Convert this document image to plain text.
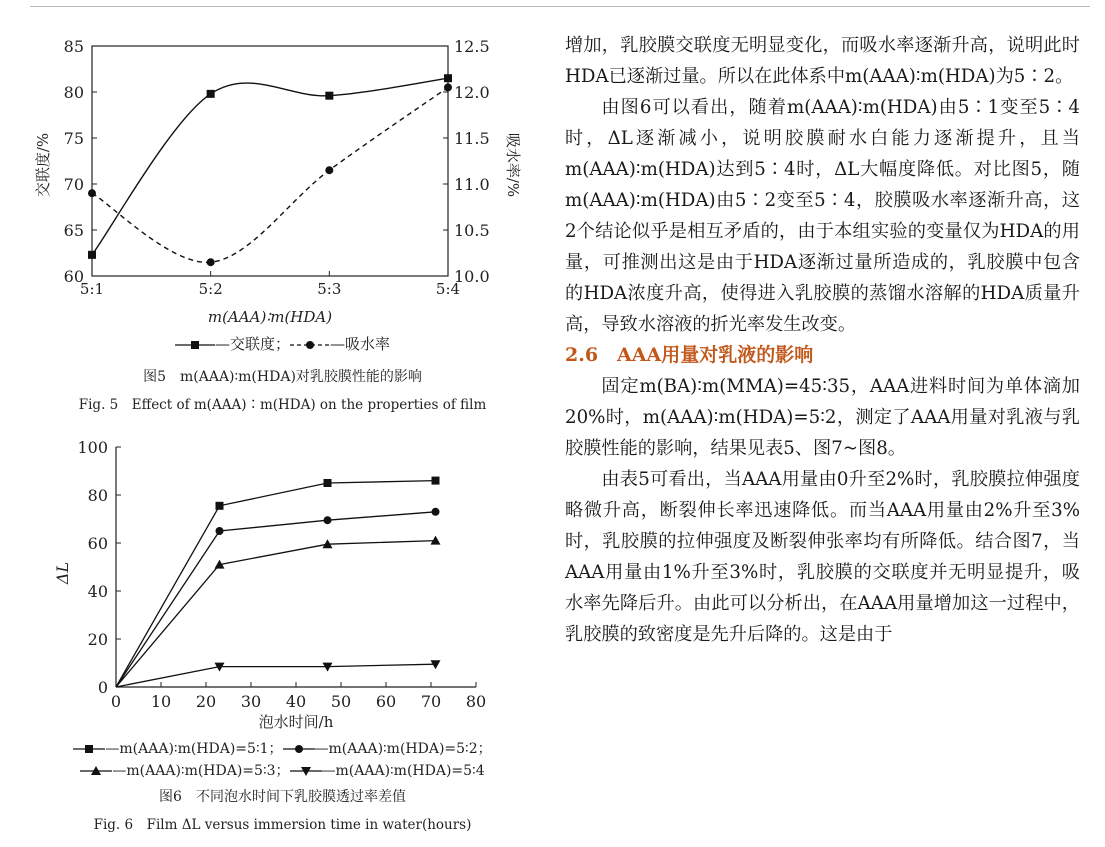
60
65
70
75
80
85
10.0
10.5
11.0
11.5
12.0
12.5
5:1	5:2	5:3	5:4
交联度/%	吸水率/%
m(AAA)∶m(HDA)
—交联度；	—吸水率
图5　m(AAA)∶m(HDA)对乳胶膜性能的影响
Fig. 5　Effect of m(AAA)∶m(HDA) on the properties of film
0
20
40
60
80
100
0 10 20 30 40 50 60 70 80
ΔL
泡水时间/h
—m(AAA)∶m(HDA)=5∶1； —m(AAA)∶m(HDA)=5∶2；
—m(AAA)∶m(HDA)=5∶3； —m(AAA)∶m(HDA)=5∶4
图6　不同泡水时间下乳胶膜透过率差值
Fig. 6　Film ΔL versus immersion time in water(hours)

增加，乳胶膜交联度无明显变化，而吸水率逐渐升高，说明此时HDA已逐渐过量。所以在此体系中m(AAA)∶m(HDA)为5∶2。

由图6可以看出，随着m(AAA)∶m(HDA)由5∶1变至5∶4时，ΔL逐渐减小，说明胶膜耐水白能力逐渐提升，且当m(AAA)∶m(HDA)达到5∶4时，ΔL大幅度降低。对比图5，随m(AAA)∶m(HDA)由5∶2变至5∶4，胶膜吸水率逐渐升高，这2个结论似乎是相互矛盾的，由于本组实验的变量仅为HDA的用量，可推测出这是由于HDA逐渐过量所造成的，乳胶膜中包含的HDA浓度升高，使得进入乳胶膜的蒸馏水溶解的HDA质量升高，导致水溶液的折光率发生改变。

2.6　AAA用量对乳液的影响

固定m(BA)∶m(MMA)=45∶35，AAA进料时间为单体滴加20%时，m(AAA)∶m(HDA)=5∶2，测定了AAA用量对乳液与乳胶膜性能的影响，结果见表5、图7~图8。

由表5可看出，当AAA用量由0升至2%时，乳胶膜拉伸强度略微升高，断裂伸长率迅速降低。而当AAA用量由2%升至3%时，乳胶膜的拉伸强度及断裂伸张率均有所降低。结合图7，当AAA用量由1%升至3%时，乳胶膜的交联度并无明显提升，吸水率先降后升。由此可以分析出，在AAA用量增加这一过程中，乳胶膜的致密度是先升后降的。这是由于
